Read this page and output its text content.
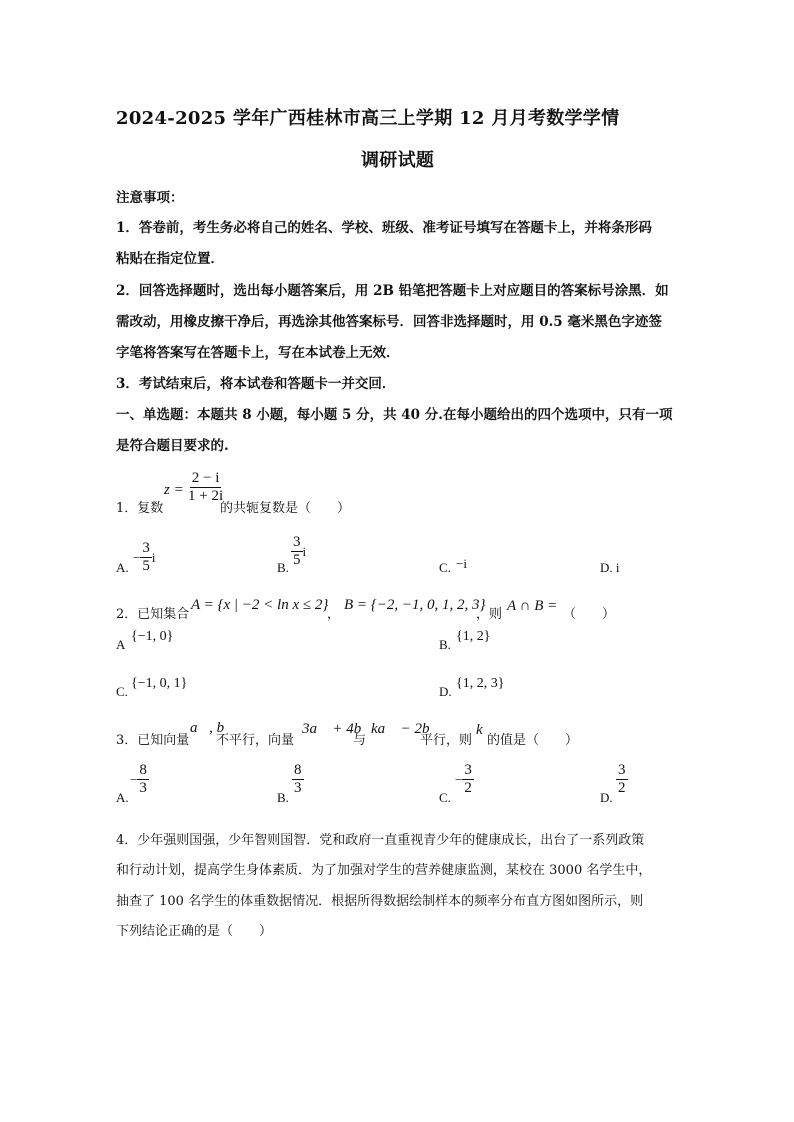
2024-2025 学年广西桂林市高三上学期 12 月月考数学学情
调研试题
注意事项：
1．答卷前，考生务必将自己的姓名、学校、班级、准考证号填写在答题卡上，并将条形码
粘贴在指定位置．
2．回答选择题时，选出每小题答案后，用 2B 铅笔把答题卡上对应题目的答案标号涂黑．如
需改动，用橡皮擦干净后，再选涂其他答案标号．回答非选择题时，用 0.5 毫米黑色字迹签
字笔将答案写在答题卡上，写在本试卷上无效．
3．考试结束后，将本试卷和答题卡一并交回．
一、单选题：本题共 8 小题，每小题 5 分，共 40 分.在每小题给出的四个选项中，只有一项
是符合题目要求的.
1．复数
$z = \frac{2 - i}{1 + 2i}$
的共轭复数是（　　）
A.
− $\frac{3}{5}$ i
B. $\frac{3}{5}$ i
C. −i	D. i
2．已知集合
A = {x | −2 < ln x ≤ 2}
，
B = {−2, −1, 0, 1, 2, 3}
，则
A ∩ B =
（　　）
A
{−1, 0}
B.
{1, 2}
C.
{−1, 0, 1}
D.
{1, 2, 3}
3．已知向量
a⃗, b⃗
不平行，向量
3a⃗ + 4b⃗
与
ka⃗ − 2b⃗
平行，则
k
的值是（　　）
A.
− $\frac{8}{3}$	B. $\frac{8}{3}$	C.
− $\frac{3}{2}$	D. $\frac{3}{2}$
4．少年强则国强，少年智则国智．党和政府一直重视青少年的健康成长，出台了一系列政策
和行动计划，提高学生身体素质．为了加强对学生的营养健康监测，某校在 3000 名学生中，
抽查了 100 名学生的体重数据情况．根据所得数据绘制样本的频率分布直方图如图所示，则
下列结论正确的是（　　）
